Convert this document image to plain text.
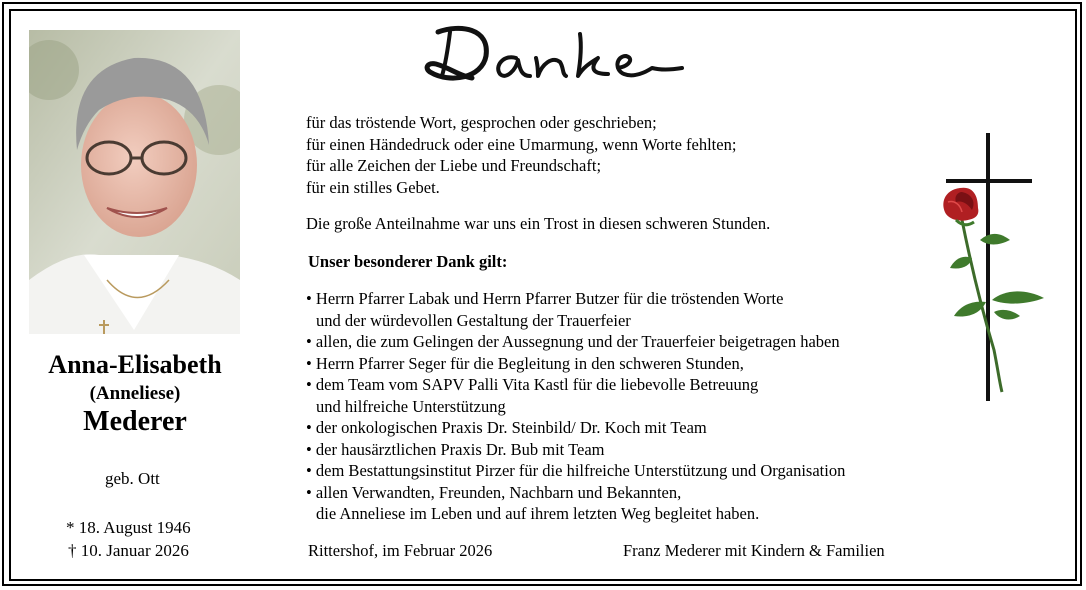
Anna-Elisabeth
(Anneliese)
Mederer
geb. Ott
* 18. August 1946
† 10. Januar 2026
für das tröstende Wort, gesprochen oder geschrieben;
für einen Händedruck oder eine Umarmung, wenn Worte fehlten;
für alle Zeichen der Liebe und Freundschaft;
für ein stilles Gebet.
Die große Anteilnahme war uns ein Trost in diesen schweren Stunden.
Unser besonderer Dank gilt:
• Herrn Pfarrer Labak und Herrn Pfarrer Butzer für die tröstenden Worte
und der würdevollen Gestaltung der Trauerfeier
• allen, die zum Gelingen der Aussegnung und der Trauerfeier beigetragen haben
• Herrn Pfarrer Seger für die Begleitung in den schweren Stunden,
• dem Team vom SAPV Palli Vita Kastl für die liebevolle Betreuung
und hilfreiche Unterstützung
• der onkologischen Praxis Dr. Steinbild/ Dr. Koch mit Team
• der hausärztlichen Praxis Dr. Bub mit Team
• dem Bestattungsinstitut Pirzer für die hilfreiche Unterstützung und Organisation
• allen Verwandten, Freunden, Nachbarn und Bekannten,
die Anneliese im Leben und auf ihrem letzten Weg begleitet haben.
Rittershof, im Februar 2026	Franz Mederer mit Kindern & Familien
